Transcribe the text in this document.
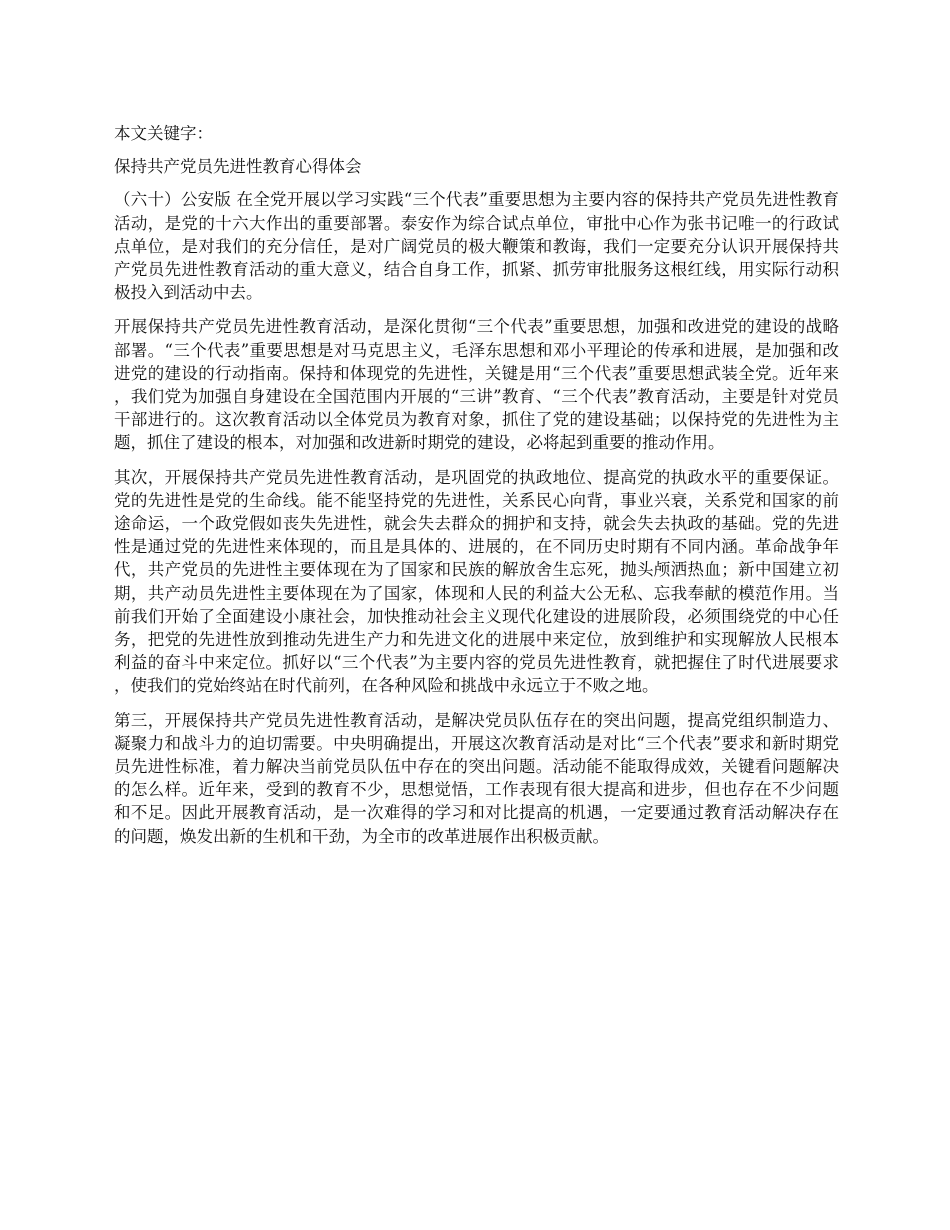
本文关键字：
保持共产党员先进性教育心得体会

（六十）公安版 在全党开展以学习实践“三个代表”重要思想为主要内容的保持共产党员先进性教育活动，是党的十六大作出的重要部署。泰安作为综合试点单位，审批中心作为张书记唯一的行政试点单位，是对我们的充分信任，是对广阔党员的极大鞭策和教诲，我们一定要充分认识开展保持共产党员先进性教育活动的重大意义，结合自身工作，抓紧、抓劳审批服务这根红线，用实际行动积极投入到活动中去。

开展保持共产党员先进性教育活动，是深化贯彻“三个代表”重要思想，加强和改进党的建设的战略部署。“三个代表”重要思想是对马克思主义，毛泽东思想和邓小平理论的传承和进展，是加强和改进党的建设的行动指南。保持和体现党的先进性，关键是用“三个代表”重要思想武装全党。近年来，我们党为加强自身建设在全国范围内开展的“三讲”教育、“三个代表”教育活动，主要是针对党员干部进行的。这次教育活动以全体党员为教育对象，抓住了党的建设基础；以保持党的先进性为主题，抓住了建设的根本，对加强和改进新时期党的建设，必将起到重要的推动作用。

其次，开展保持共产党员先进性教育活动，是巩固党的执政地位、提高党的执政水平的重要保证。党的先进性是党的生命线。能不能坚持党的先进性，关系民心向背，事业兴衰，关系党和国家的前途命运，一个政党假如丧失先进性，就会失去群众的拥护和支持，就会失去执政的基础。党的先进性是通过党的先进性来体现的，而且是具体的、进展的，在不同历史时期有不同内涵。革命战争年代，共产党员的先进性主要体现在为了国家和民族的解放舍生忘死，抛头颅洒热血；新中国建立初期，共产动员先进性主要体现在为了国家，体现和人民的利益大公无私、忘我奉献的模范作用。当前我们开始了全面建设小康社会，加快推动社会主义现代化建设的进展阶段，必须围绕党的中心任务，把党的先进性放到推动先进生产力和先进文化的进展中来定位，放到维护和实现解放人民根本利益的奋斗中来定位。抓好以“三个代表”为主要内容的党员先进性教育，就把握住了时代进展要求，使我们的党始终站在时代前列，在各种风险和挑战中永远立于不败之地。

第三，开展保持共产党员先进性教育活动，是解决党员队伍存在的突出问题，提高党组织制造力、凝聚力和战斗力的迫切需要。中央明确提出，开展这次教育活动是对比“三个代表”要求和新时期党员先进性标准，着力解决当前党员队伍中存在的突出问题。活动能不能取得成效，关键看问题解决的怎么样。近年来，受到的教育不少，思想觉悟，工作表现有很大提高和进步，但也存在不少问题和不足。因此开展教育活动，是一次难得的学习和对比提高的机遇，一定要通过教育活动解决存在的问题，焕发出新的生机和干劲，为全市的改革进展作出积极贡献。
